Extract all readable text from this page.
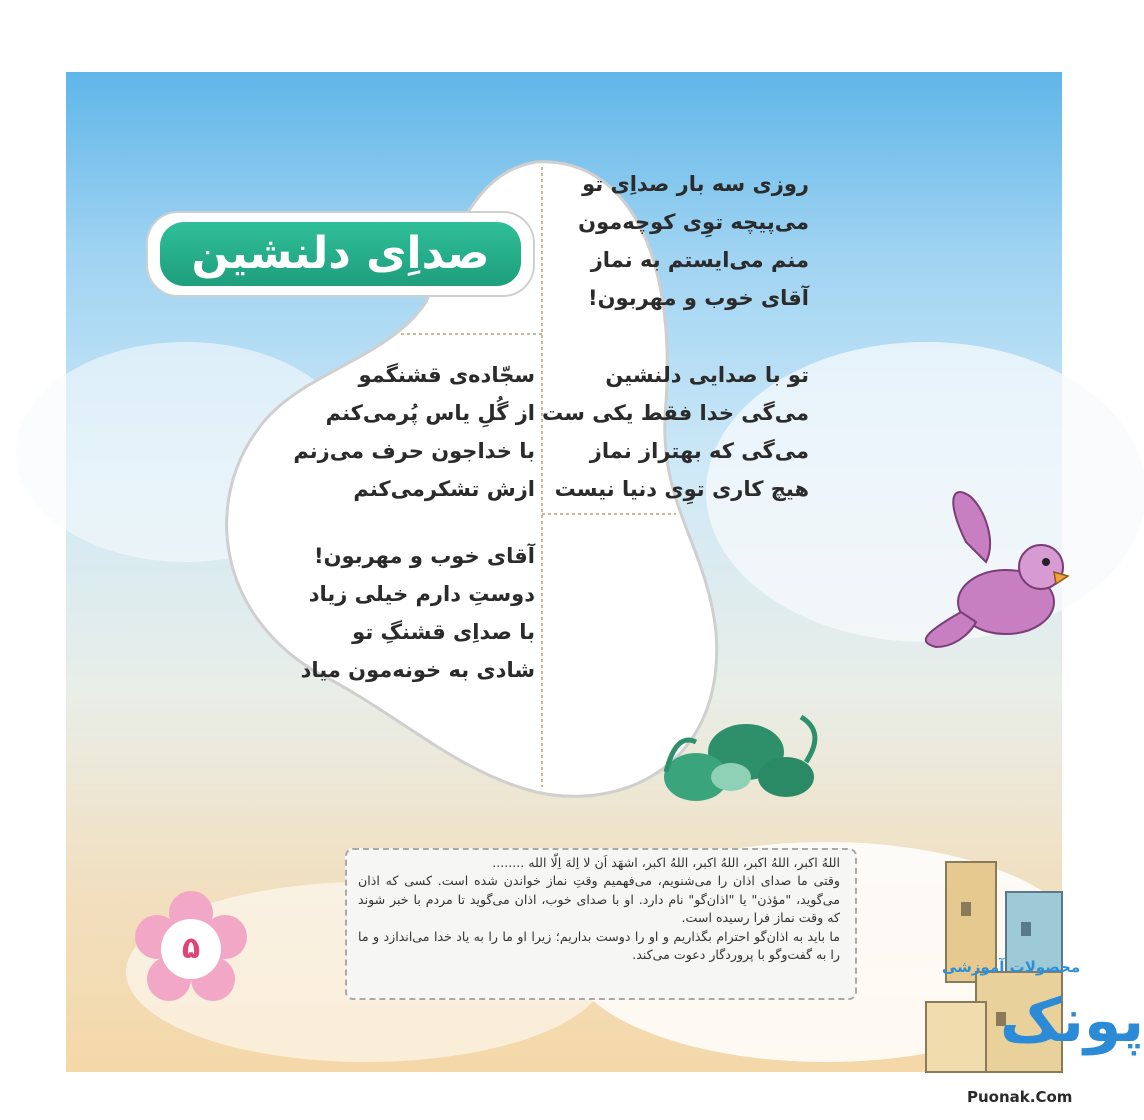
صداِی دلنشین
روزی سه بار صداِی تو
می‌پیچه توِی کوچه‌مون
منم می‌ایستم به نماز
آقای خوب و مهربون!
تو با صدایی دلنشین
می‌گی خدا فقط یکی ست
می‌گی که بهتراز نماز
هیچ کاری توِی دنیا نیست
سجّاده‌ی قشنگمو
از گُلِ یاس پُرمی‌کنم
با خداجون حرف می‌زنم
ازش تشکرمی‌کنم
آقای خوب و مهربون!
دوستِ دارم خیلی زیاد
با صداِی قشنگِ تو
شادی به خونه‌مون میاد

اللهُ اکبر، اللهُ اکبر، اللهُ اکبر، اللهُ اکبر، اشهَد اَن لا اِلهَ اِلّا الله ........

وقتی ما صدای اذان را می‌شنویم، می‌فهمیم وقتِ نماز خواندن شده است. کسی که اذان می‌گوید، "مؤذن" یا "اذان‌گو" نام دارد. او با صدای خوب، اذان می‌گوید تا مردم با خبر شوند که وقت نماز فرا رسیده است.

ما باید به اذان‌گو احترام بگذاریم و او را دوست بداریم؛ زیرا او ما را به یاد خدا می‌اندازد و ما را به گفت‌وگو با پروردگار دعوت می‌کند.

۵
محصولات آموزشی
پونک
Puonak.Com
